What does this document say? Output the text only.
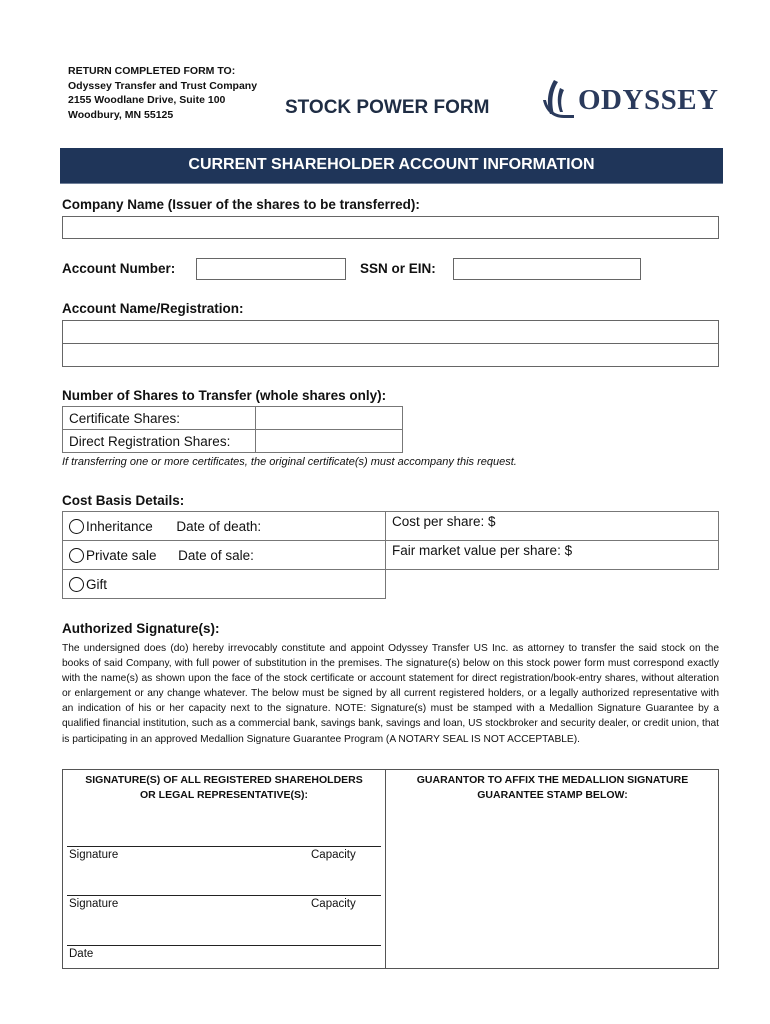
RETURN COMPLETED FORM TO:
Odyssey Transfer and Trust Company
2155 Woodlane Drive, Suite 100
Woodbury, MN 55125	STOCK POWER FORM	ODYSSEY
CURRENT SHAREHOLDER ACCOUNT INFORMATION
Company Name (Issuer of the shares to be transferred):
Account Number:	SSN or EIN:
Account Name/Registration:
Number of Shares to Transfer (whole shares only):
Certificate Shares:	
Direct Registration Shares:	
If transferring one or more certificates, the original certificate(s) must accompany this request.
Cost Basis Details:
Inheritance Date of death:	Cost per share: $
Private sale Date of sale:	Fair market value per share: $
Gift	
Authorized Signature(s):
The undersigned does (do) hereby irrevocably constitute and appoint Odyssey Transfer US Inc. as attorney to transfer the said stock on the books of said Company, with full power of substitution in the premises. The signature(s) below on this stock power form must correspond exactly with the name(s) as shown upon the face of the stock certificate or account statement for direct registration/book-entry shares, without alteration or enlargement or any change whatever. The below must be signed by all current registered holders, or a legally authorized representative with an indication of his or her capacity next to the signature. NOTE: Signature(s) must be stamped with a Medallion Signature Guarantee by a qualified financial institution, such as a commercial bank, savings bank, savings and loan, US stockbroker and security dealer, or credit union, that is participating in an approved Medallion Signature Guarantee Program (A NOTARY SEAL IS NOT ACCEPTABLE).
SIGNATURE(S) OF ALL REGISTERED SHAREHOLDERS
OR LEGAL REPRESENTATIVE(S):
GUARANTOR TO AFFIX THE MEDALLION SIGNATURE
GUARANTEE STAMP BELOW:
Signature	Capacity
Signature	Capacity
Date
